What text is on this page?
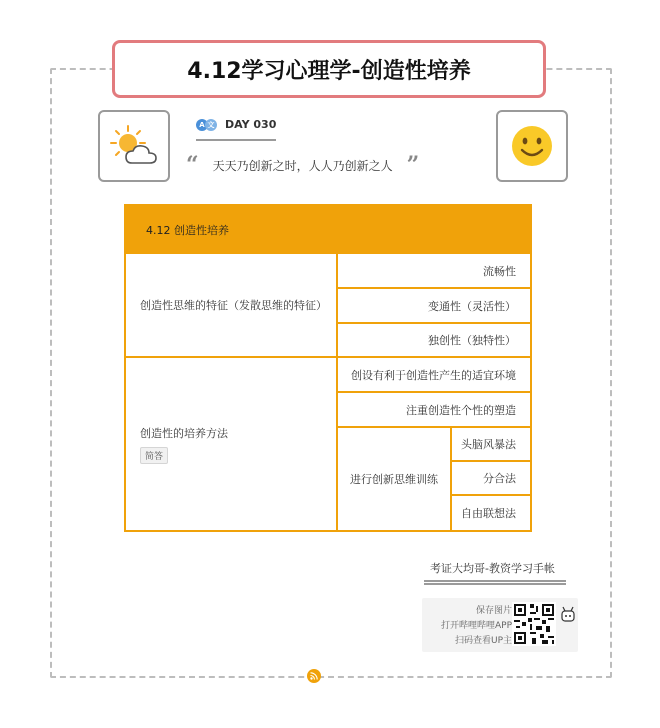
4.12学习心理学-创造性培养
A 文 DAY 030
“ 天天乃创新之时，人人乃创新之人 ”
4.12 创造性培养
创造性思维的特征（发散思维的特征）
流畅性
变通性（灵活性）
独创性（独特性）
创造性的培养方法
简答
创设有利于创造性产生的适宜环境
注重创造性个性的塑造
进行创新思维训练
头脑风暴法
分合法
自由联想法
考证大均哥-教资学习手帐
保存图片
打开哔哩哔哩APP
扫码查看UP主
